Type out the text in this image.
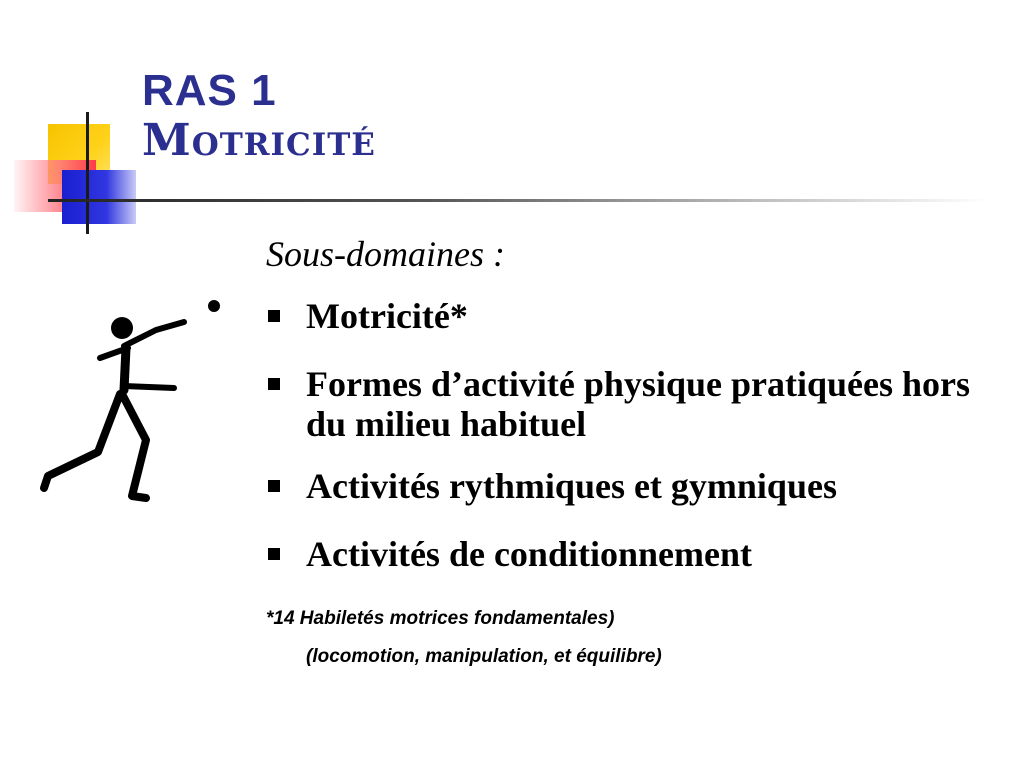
RAS 1
Motricité

Sous-domaines :

Motricité*
Formes d’activité physique pratiquées hors du milieu habituel
Activités rythmiques et gymniques
Activités de conditionnement

*14 Habiletés motrices fondamentales)

(locomotion, manipulation, et équilibre)
